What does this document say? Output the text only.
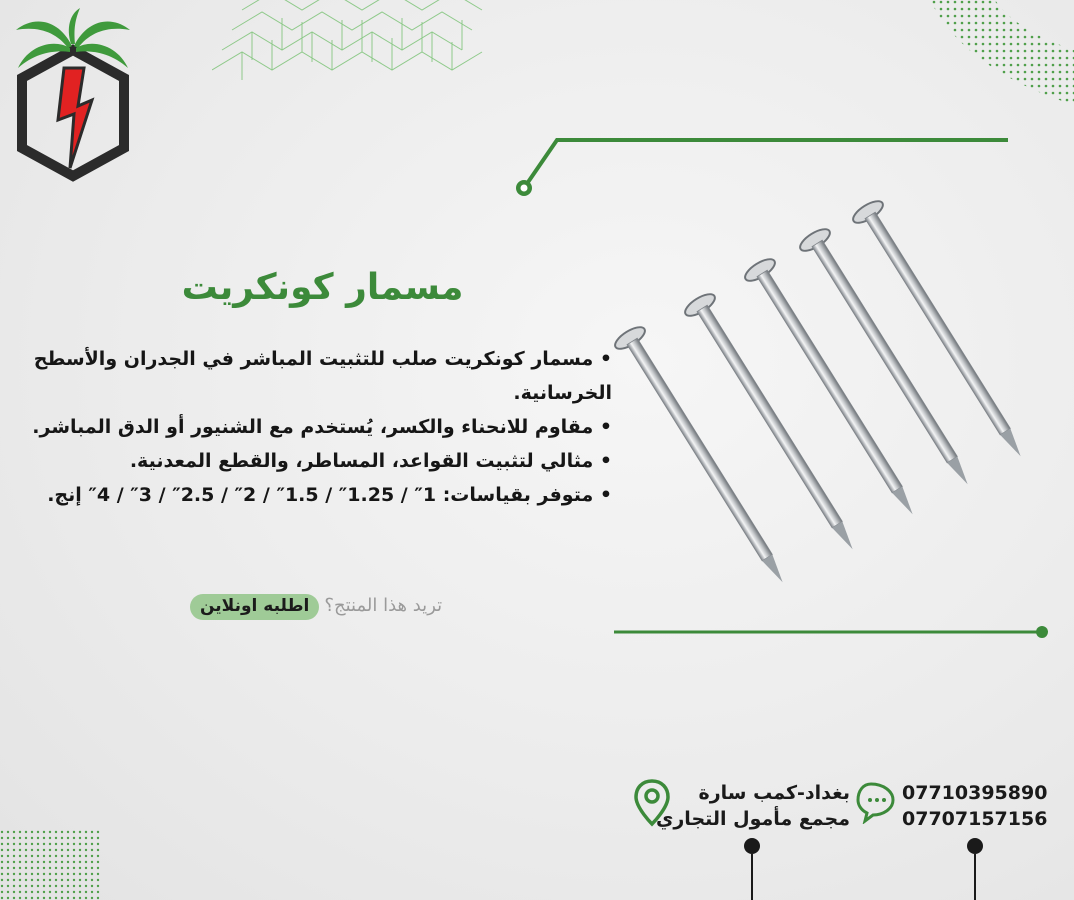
مسمار كونكريت
• مسمار كونكريت صلب للتثبيت المباشر في الجدران والأسطح الخرسانية.
• مقاوم للانحناء والكسر، يُستخدم مع الشنيور أو الدق المباشر.
• مثالي لتثبيت القواعد، المساطر، والقطع المعدنية.
• متوفر بقياسات: 1″ / 1.25″ / 1.5″ / 2″ / 2.5″ / 3″ / 4″ إنج.
تريد هذا المنتج؟ اطلبه اونلاين
بغداد-كمب سارة
مجمع مأمول التجاري
07710395890
07707157156
